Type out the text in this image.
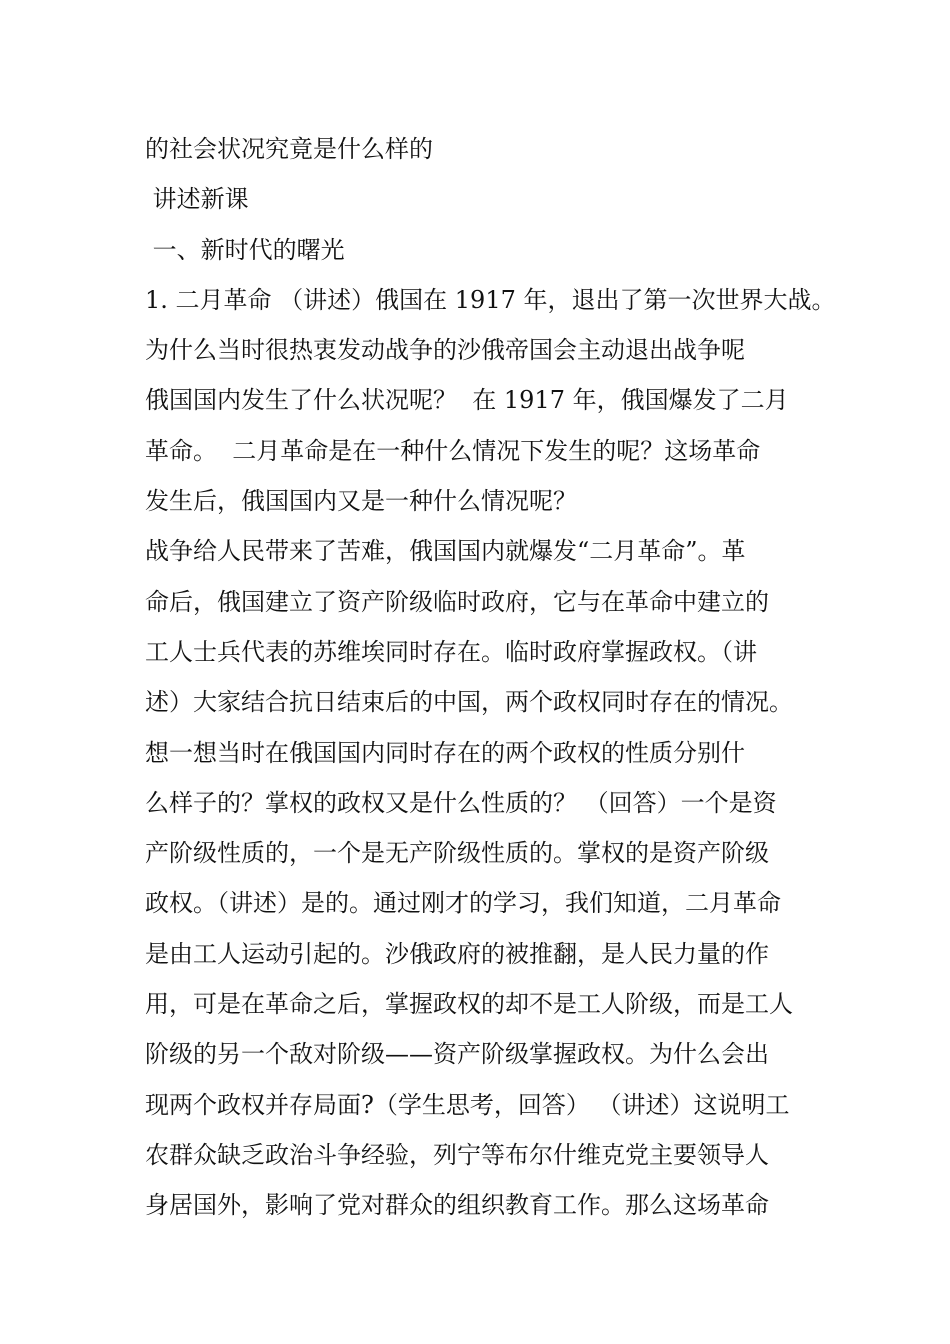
的社会状况究竟是什么样的
讲述新课
一、新时代的曙光
1. 二月革命 （讲述）俄国在 1917 年，退出了第一次世界大战。
为什么当时很热衷发动战争的沙俄帝国会主动退出战争呢
俄国国内发生了什么状况呢？  在 1917 年，俄国爆发了二月
革命。  二月革命是在一种什么情况下发生的呢？这场革命
发生后，俄国国内又是一种什么情况呢？
战争给人民带来了苦难，俄国国内就爆发“二月革命”。革
命后，俄国建立了资产阶级临时政府，它与在革命中建立的
工人士兵代表的苏维埃同时存在。临时政府掌握政权。（讲
述）大家结合抗日结束后的中国，两个政权同时存在的情况。
想一想当时在俄国国内同时存在的两个政权的性质分别什
么样子的？掌权的政权又是什么性质的？ （回答）一个是资
产阶级性质的，一个是无产阶级性质的。掌权的是资产阶级
政权。（讲述）是的。通过刚才的学习，我们知道，二月革命
是由工人运动引起的。沙俄政府的被推翻，是人民力量的作
用，可是在革命之后，掌握政权的却不是工人阶级，而是工人
阶级的另一个敌对阶级——资产阶级掌握政权。为什么会出
现两个政权并存局面?（学生思考，回答） （讲述）这说明工
农群众缺乏政治斗争经验，列宁等布尔什维克党主要领导人
身居国外，影响了党对群众的组织教育工作。那么这场革命
